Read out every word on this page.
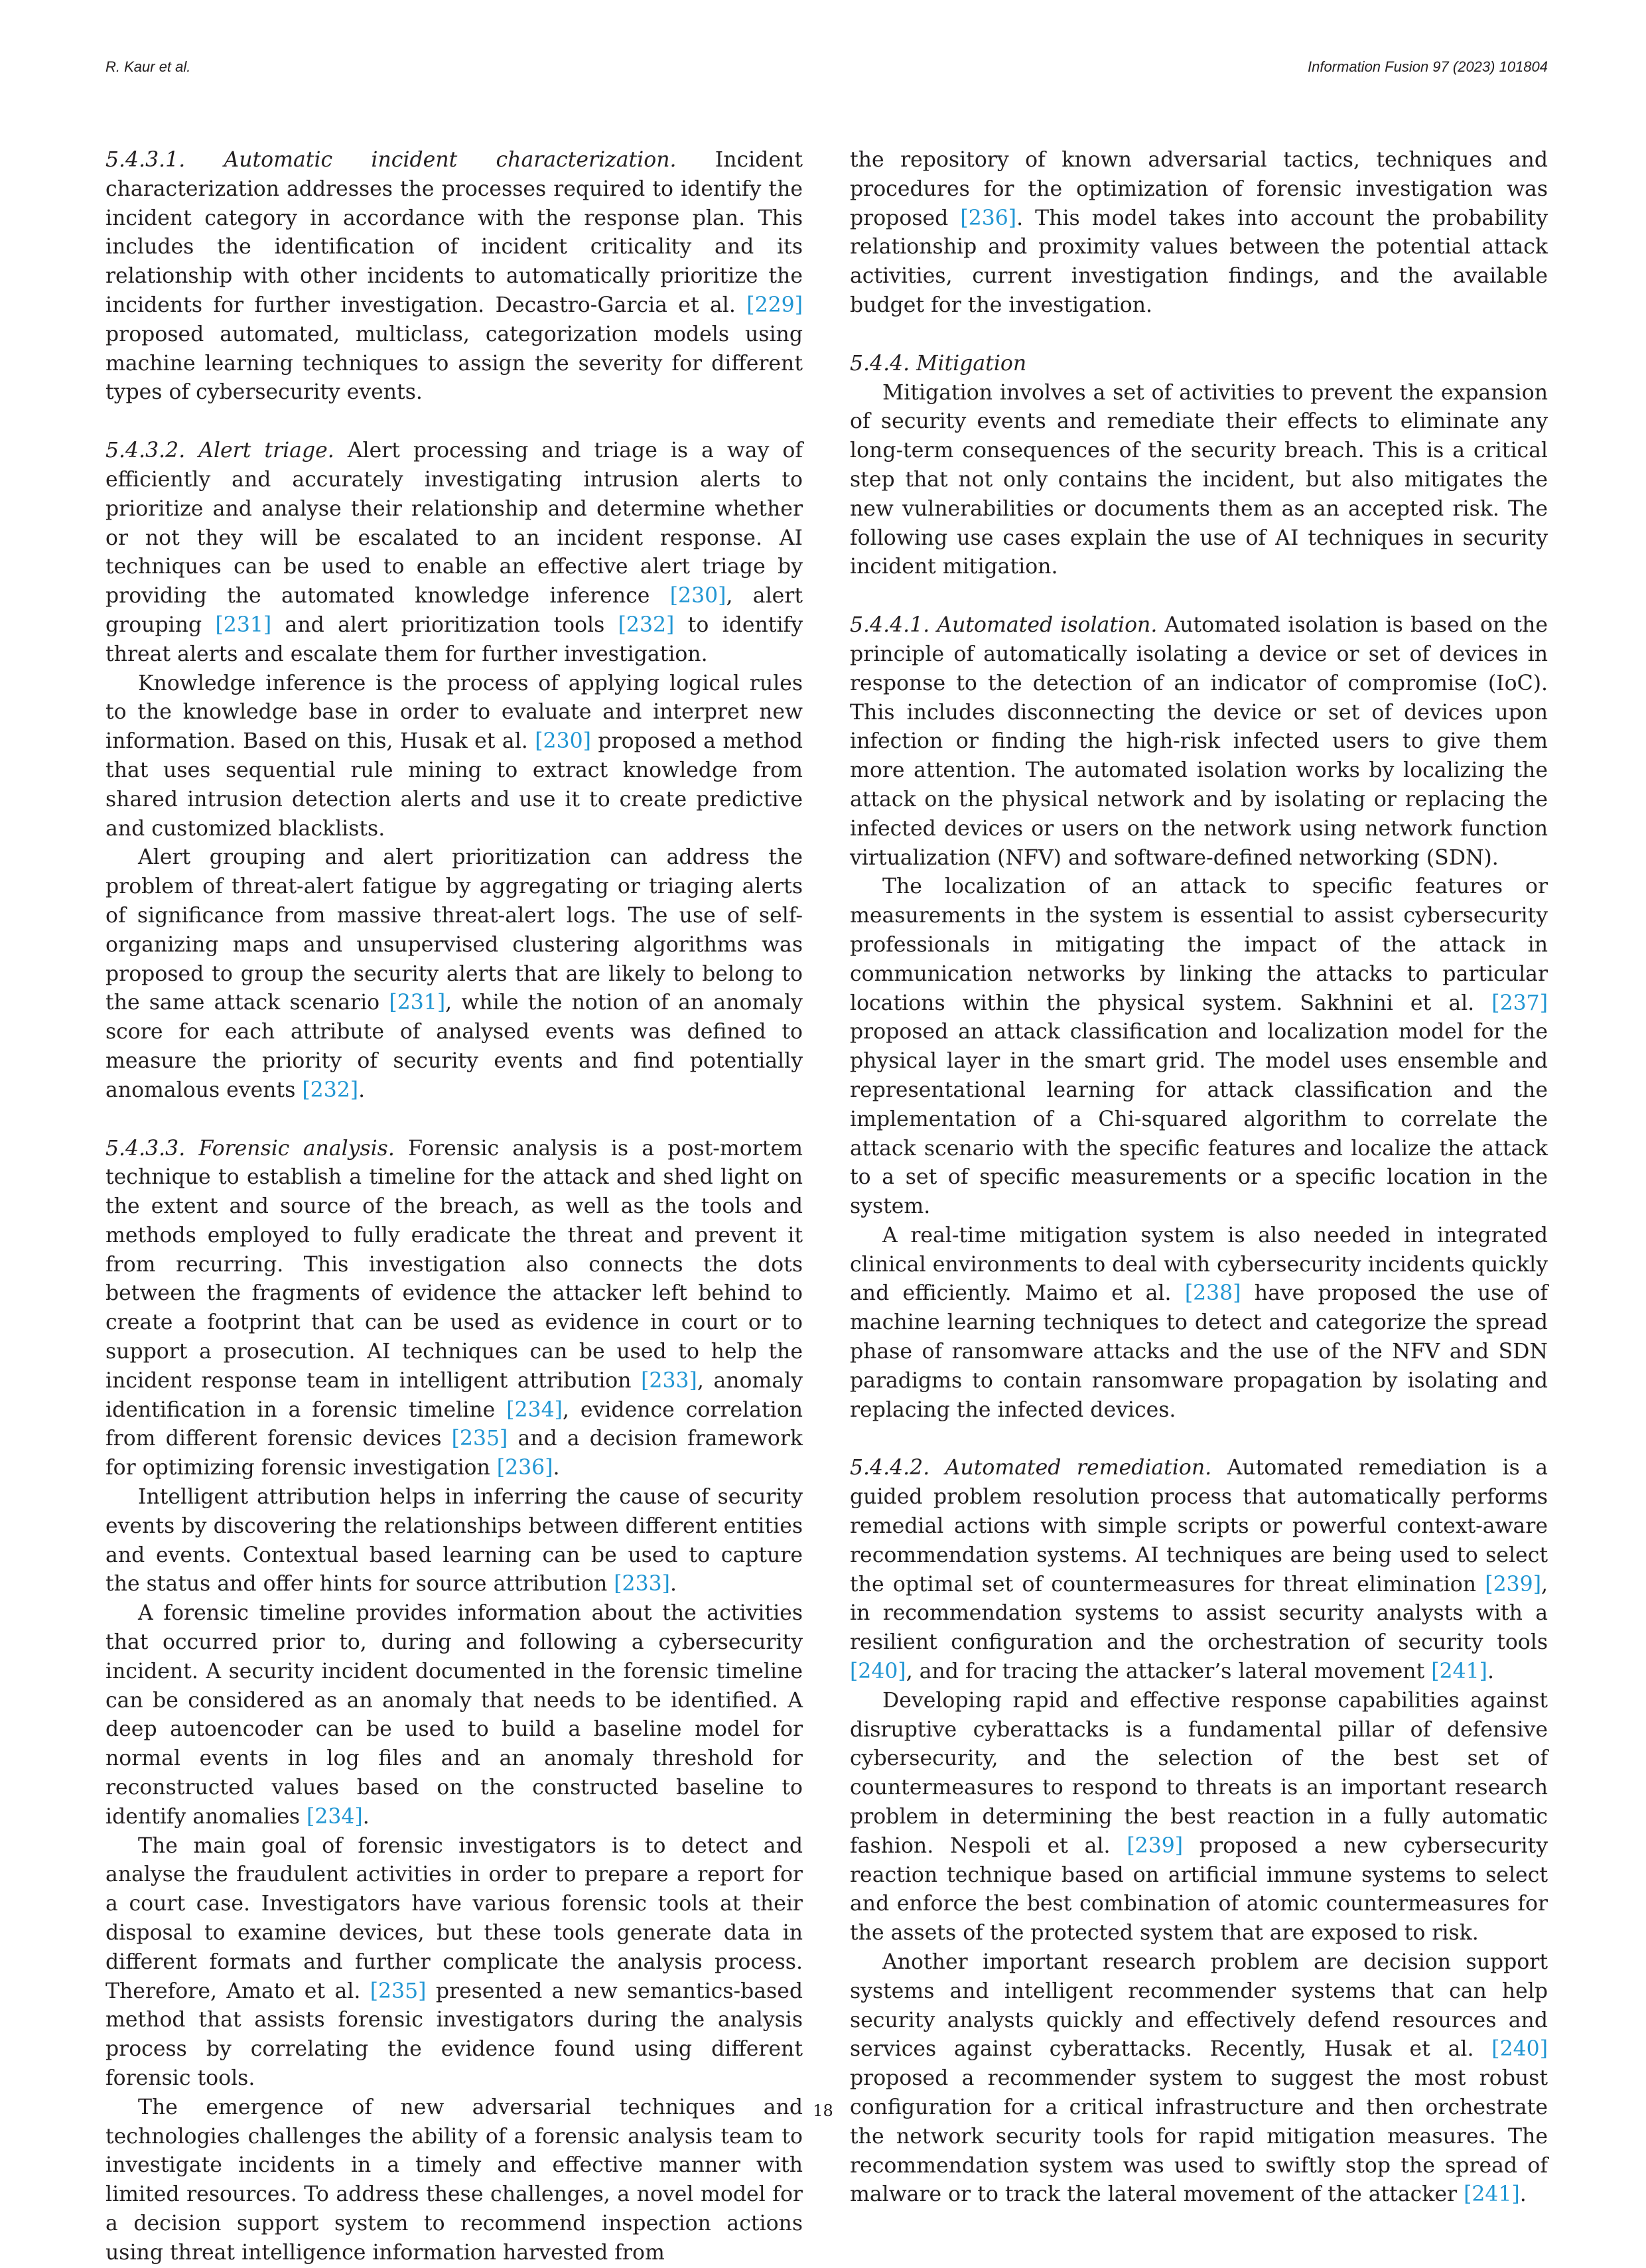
R. Kaur et al.	Information Fusion 97 (2023) 101804

5.4.3.1. Automatic incident characterization. Incident characterization addresses the processes required to identify the incident category in accordance with the response plan. This includes the identification of incident criticality and its relationship with other incidents to automatically prioritize the incidents for further investigation. Decastro-Garcia et al. [229] proposed automated, multiclass, categorization models using machine learning techniques to assign the severity for different types of cybersecurity events.

5.4.3.2. Alert triage. Alert processing and triage is a way of efficiently and accurately investigating intrusion alerts to prioritize and analyse their relationship and determine whether or not they will be escalated to an incident response. AI techniques can be used to enable an effective alert triage by providing the automated knowledge inference [230], alert grouping [231] and alert prioritization tools [232] to identify threat alerts and escalate them for further investigation.

Knowledge inference is the process of applying logical rules to the knowledge base in order to evaluate and interpret new information. Based on this, Husak et al. [230] proposed a method that uses sequential rule mining to extract knowledge from shared intrusion detection alerts and use it to create predictive and customized blacklists.

Alert grouping and alert prioritization can address the problem of threat-alert fatigue by aggregating or triaging alerts of significance from massive threat-alert logs. The use of self-organizing maps and unsupervised clustering algorithms was proposed to group the security alerts that are likely to belong to the same attack scenario [231], while the notion of an anomaly score for each attribute of analysed events was defined to measure the priority of security events and find potentially anomalous events [232].

5.4.3.3. Forensic analysis. Forensic analysis is a post-mortem technique to establish a timeline for the attack and shed light on the extent and source of the breach, as well as the tools and methods employed to fully eradicate the threat and prevent it from recurring. This investigation also connects the dots between the fragments of evidence the attacker left behind to create a footprint that can be used as evidence in court or to support a prosecution. AI techniques can be used to help the incident response team in intelligent attribution [233], anomaly identification in a forensic timeline [234], evidence correlation from different forensic devices [235] and a decision framework for optimizing forensic investigation [236].

Intelligent attribution helps in inferring the cause of security events by discovering the relationships between different entities and events. Contextual based learning can be used to capture the status and offer hints for source attribution [233].

A forensic timeline provides information about the activities that occurred prior to, during and following a cybersecurity incident. A security incident documented in the forensic timeline can be considered as an anomaly that needs to be identified. A deep autoencoder can be used to build a baseline model for normal events in log files and an anomaly threshold for reconstructed values based on the constructed baseline to identify anomalies [234].

The main goal of forensic investigators is to detect and analyse the fraudulent activities in order to prepare a report for a court case. Investigators have various forensic tools at their disposal to examine devices, but these tools generate data in different formats and further complicate the analysis process. Therefore, Amato et al. [235] presented a new semantics-based method that assists forensic investigators during the analysis process by correlating the evidence found using different forensic tools.

The emergence of new adversarial techniques and technologies challenges the ability of a forensic analysis team to investigate incidents in a timely and effective manner with limited resources. To address these challenges, a novel model for a decision support system to recommend inspection actions using threat intelligence information harvested from

the repository of known adversarial tactics, techniques and procedures for the optimization of forensic investigation was proposed [236]. This model takes into account the probability relationship and proximity values between the potential attack activities, current investigation findings, and the available budget for the investigation.

5.4.4. Mitigation

Mitigation involves a set of activities to prevent the expansion of security events and remediate their effects to eliminate any long-term consequences of the security breach. This is a critical step that not only contains the incident, but also mitigates the new vulnerabilities or documents them as an accepted risk. The following use cases explain the use of AI techniques in security incident mitigation.

5.4.4.1. Automated isolation. Automated isolation is based on the principle of automatically isolating a device or set of devices in response to the detection of an indicator of compromise (IoC). This includes disconnecting the device or set of devices upon infection or finding the high-risk infected users to give them more attention. The automated isolation works by localizing the attack on the physical network and by isolating or replacing the infected devices or users on the network using network function virtualization (NFV) and software-defined networking (SDN).

The localization of an attack to specific features or measurements in the system is essential to assist cybersecurity professionals in mitigating the impact of the attack in communication networks by linking the attacks to particular locations within the physical system. Sakhnini et al. [237] proposed an attack classification and localization model for the physical layer in the smart grid. The model uses ensemble and representational learning for attack classification and the implementation of a Chi-squared algorithm to correlate the attack scenario with the specific features and localize the attack to a set of specific measurements or a specific location in the system.

A real-time mitigation system is also needed in integrated clinical environments to deal with cybersecurity incidents quickly and efficiently. Maimo et al. [238] have proposed the use of machine learning techniques to detect and categorize the spread phase of ransomware attacks and the use of the NFV and SDN paradigms to contain ransomware propagation by isolating and replacing the infected devices.

5.4.4.2. Automated remediation. Automated remediation is a guided problem resolution process that automatically performs remedial actions with simple scripts or powerful context-aware recommendation systems. AI techniques are being used to select the optimal set of countermeasures for threat elimination [239], in recommendation systems to assist security analysts with a resilient configuration and the orchestration of security tools [240], and for tracing the attacker’s lateral movement [241].

Developing rapid and effective response capabilities against disruptive cyberattacks is a fundamental pillar of defensive cybersecurity, and the selection of the best set of countermeasures to respond to threats is an important research problem in determining the best reaction in a fully automatic fashion. Nespoli et al. [239] proposed a new cybersecurity reaction technique based on artificial immune systems to select and enforce the best combination of atomic countermeasures for the assets of the protected system that are exposed to risk.

Another important research problem are decision support systems and intelligent recommender systems that can help security analysts quickly and effectively defend resources and services against cyberattacks. Recently, Husak et al. [240] proposed a recommender system to suggest the most robust configuration for a critical infrastructure and then orchestrate the network security tools for rapid mitigation measures. The recommendation system was used to swiftly stop the spread of malware or to track the lateral movement of the attacker [241].

18
